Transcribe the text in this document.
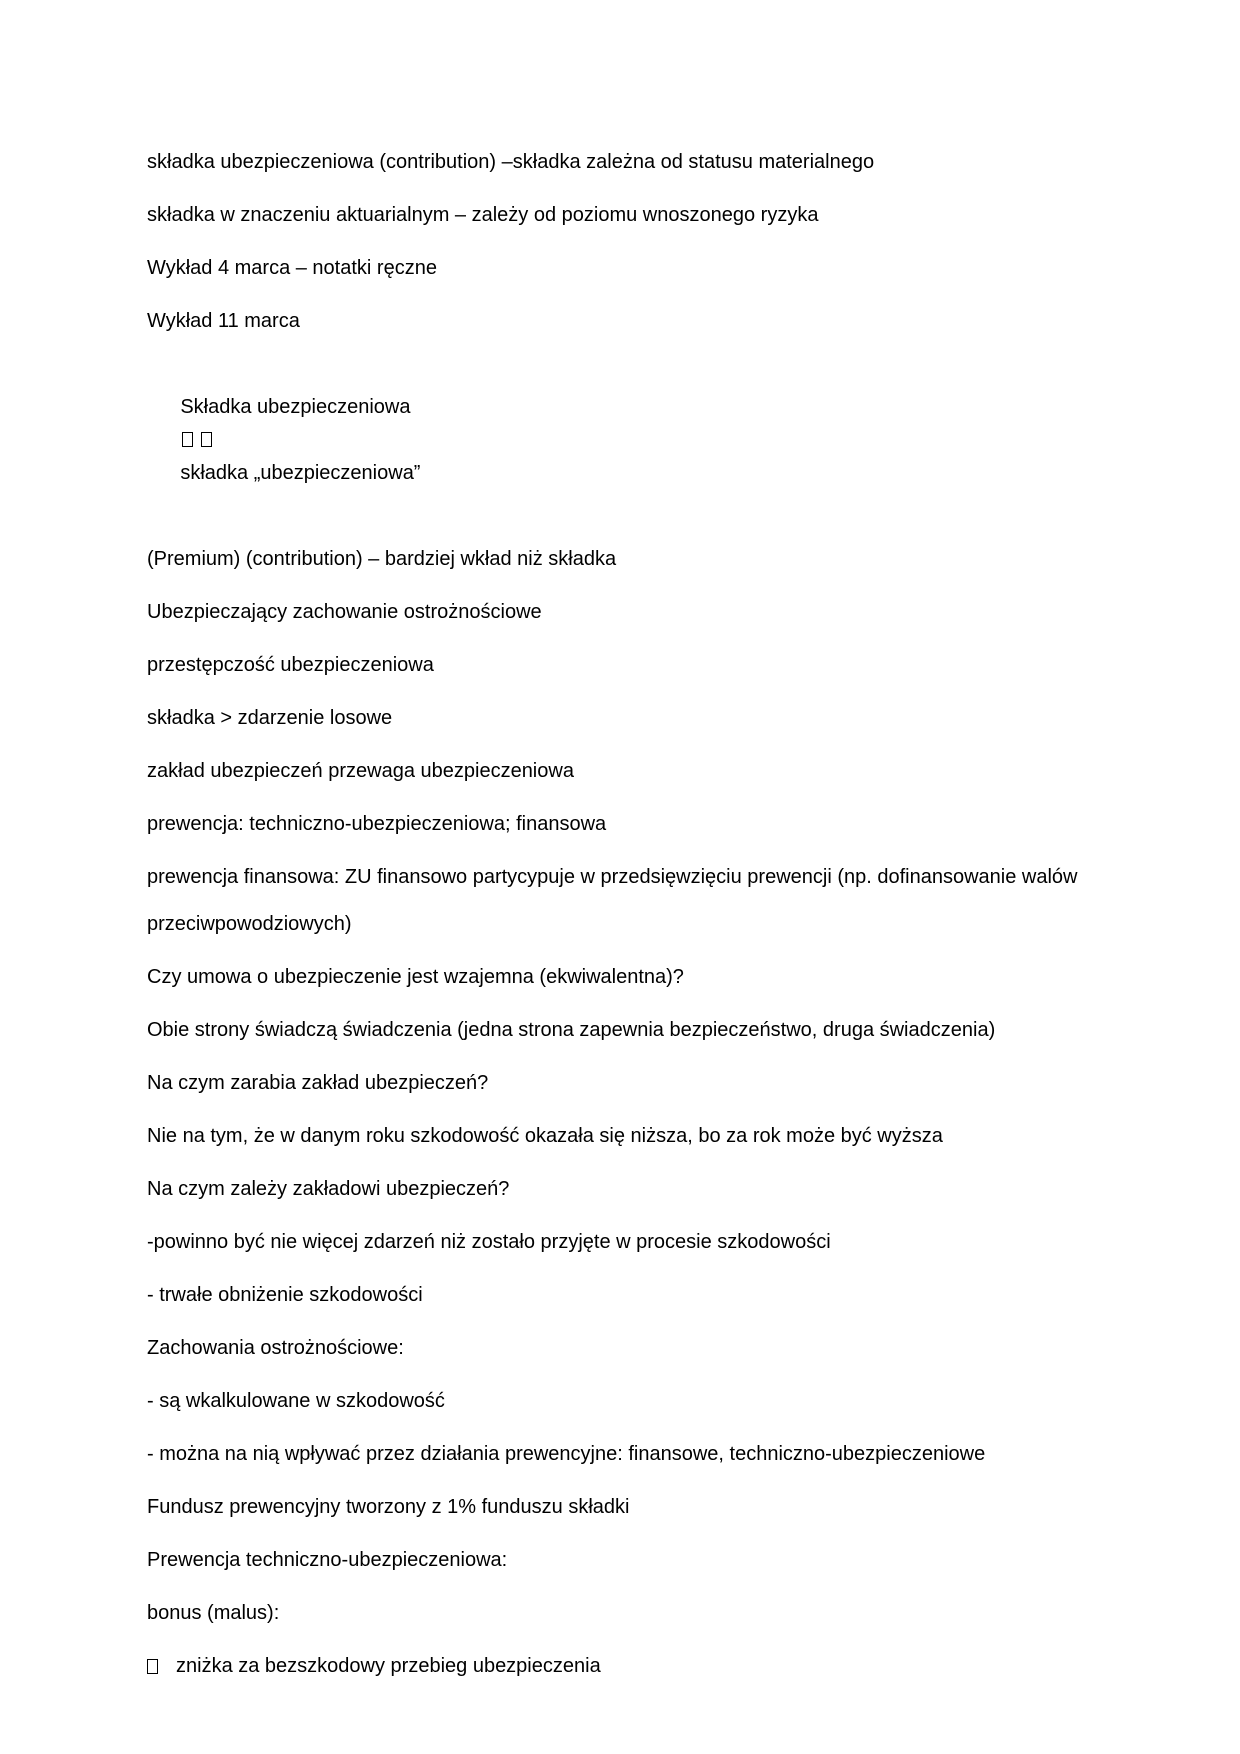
składka ubezpieczeniowa (contribution) –składka zależna od statusu materialnego

składka w znaczeniu aktuarialnym – zależy od poziomu wnoszonego ryzyka

Wykład 4 marca – notatki ręczne

Wykład 11 marca

Składka ubezpieczeniowa

składka „ubezpieczeniowa”

(Premium) (contribution) – bardziej wkład niż składka

Ubezpieczający zachowanie ostrożnościowe

przestępczość ubezpieczeniowa

składka > zdarzenie losowe

zakład ubezpieczeń przewaga ubezpieczeniowa

prewencja: techniczno-ubezpieczeniowa; finansowa

prewencja finansowa: ZU finansowo partycypuje w przedsięwzięciu prewencji (np. dofinansowanie walów

przeciwpowodziowych)

Czy umowa o ubezpieczenie jest wzajemna (ekwiwalentna)?

Obie strony świadczą świadczenia (jedna strona zapewnia bezpieczeństwo, druga świadczenia)

Na czym zarabia zakład ubezpieczeń?

Nie na tym, że w danym roku szkodowość okazała się niższa, bo za rok może być wyższa

Na czym zależy zakładowi ubezpieczeń?

-powinno być nie więcej zdarzeń niż zostało przyjęte w procesie szkodowości

- trwałe obniżenie szkodowości

Zachowania ostrożnościowe:

- są wkalkulowane w szkodowość

- można na nią wpływać przez działania prewencyjne: finansowe, techniczno-ubezpieczeniowe

Fundusz prewencyjny tworzony z 1% funduszu składki

Prewencja techniczno-ubezpieczeniowa:

bonus (malus):

zniżka za bezszkodowy przebieg ubezpieczenia
